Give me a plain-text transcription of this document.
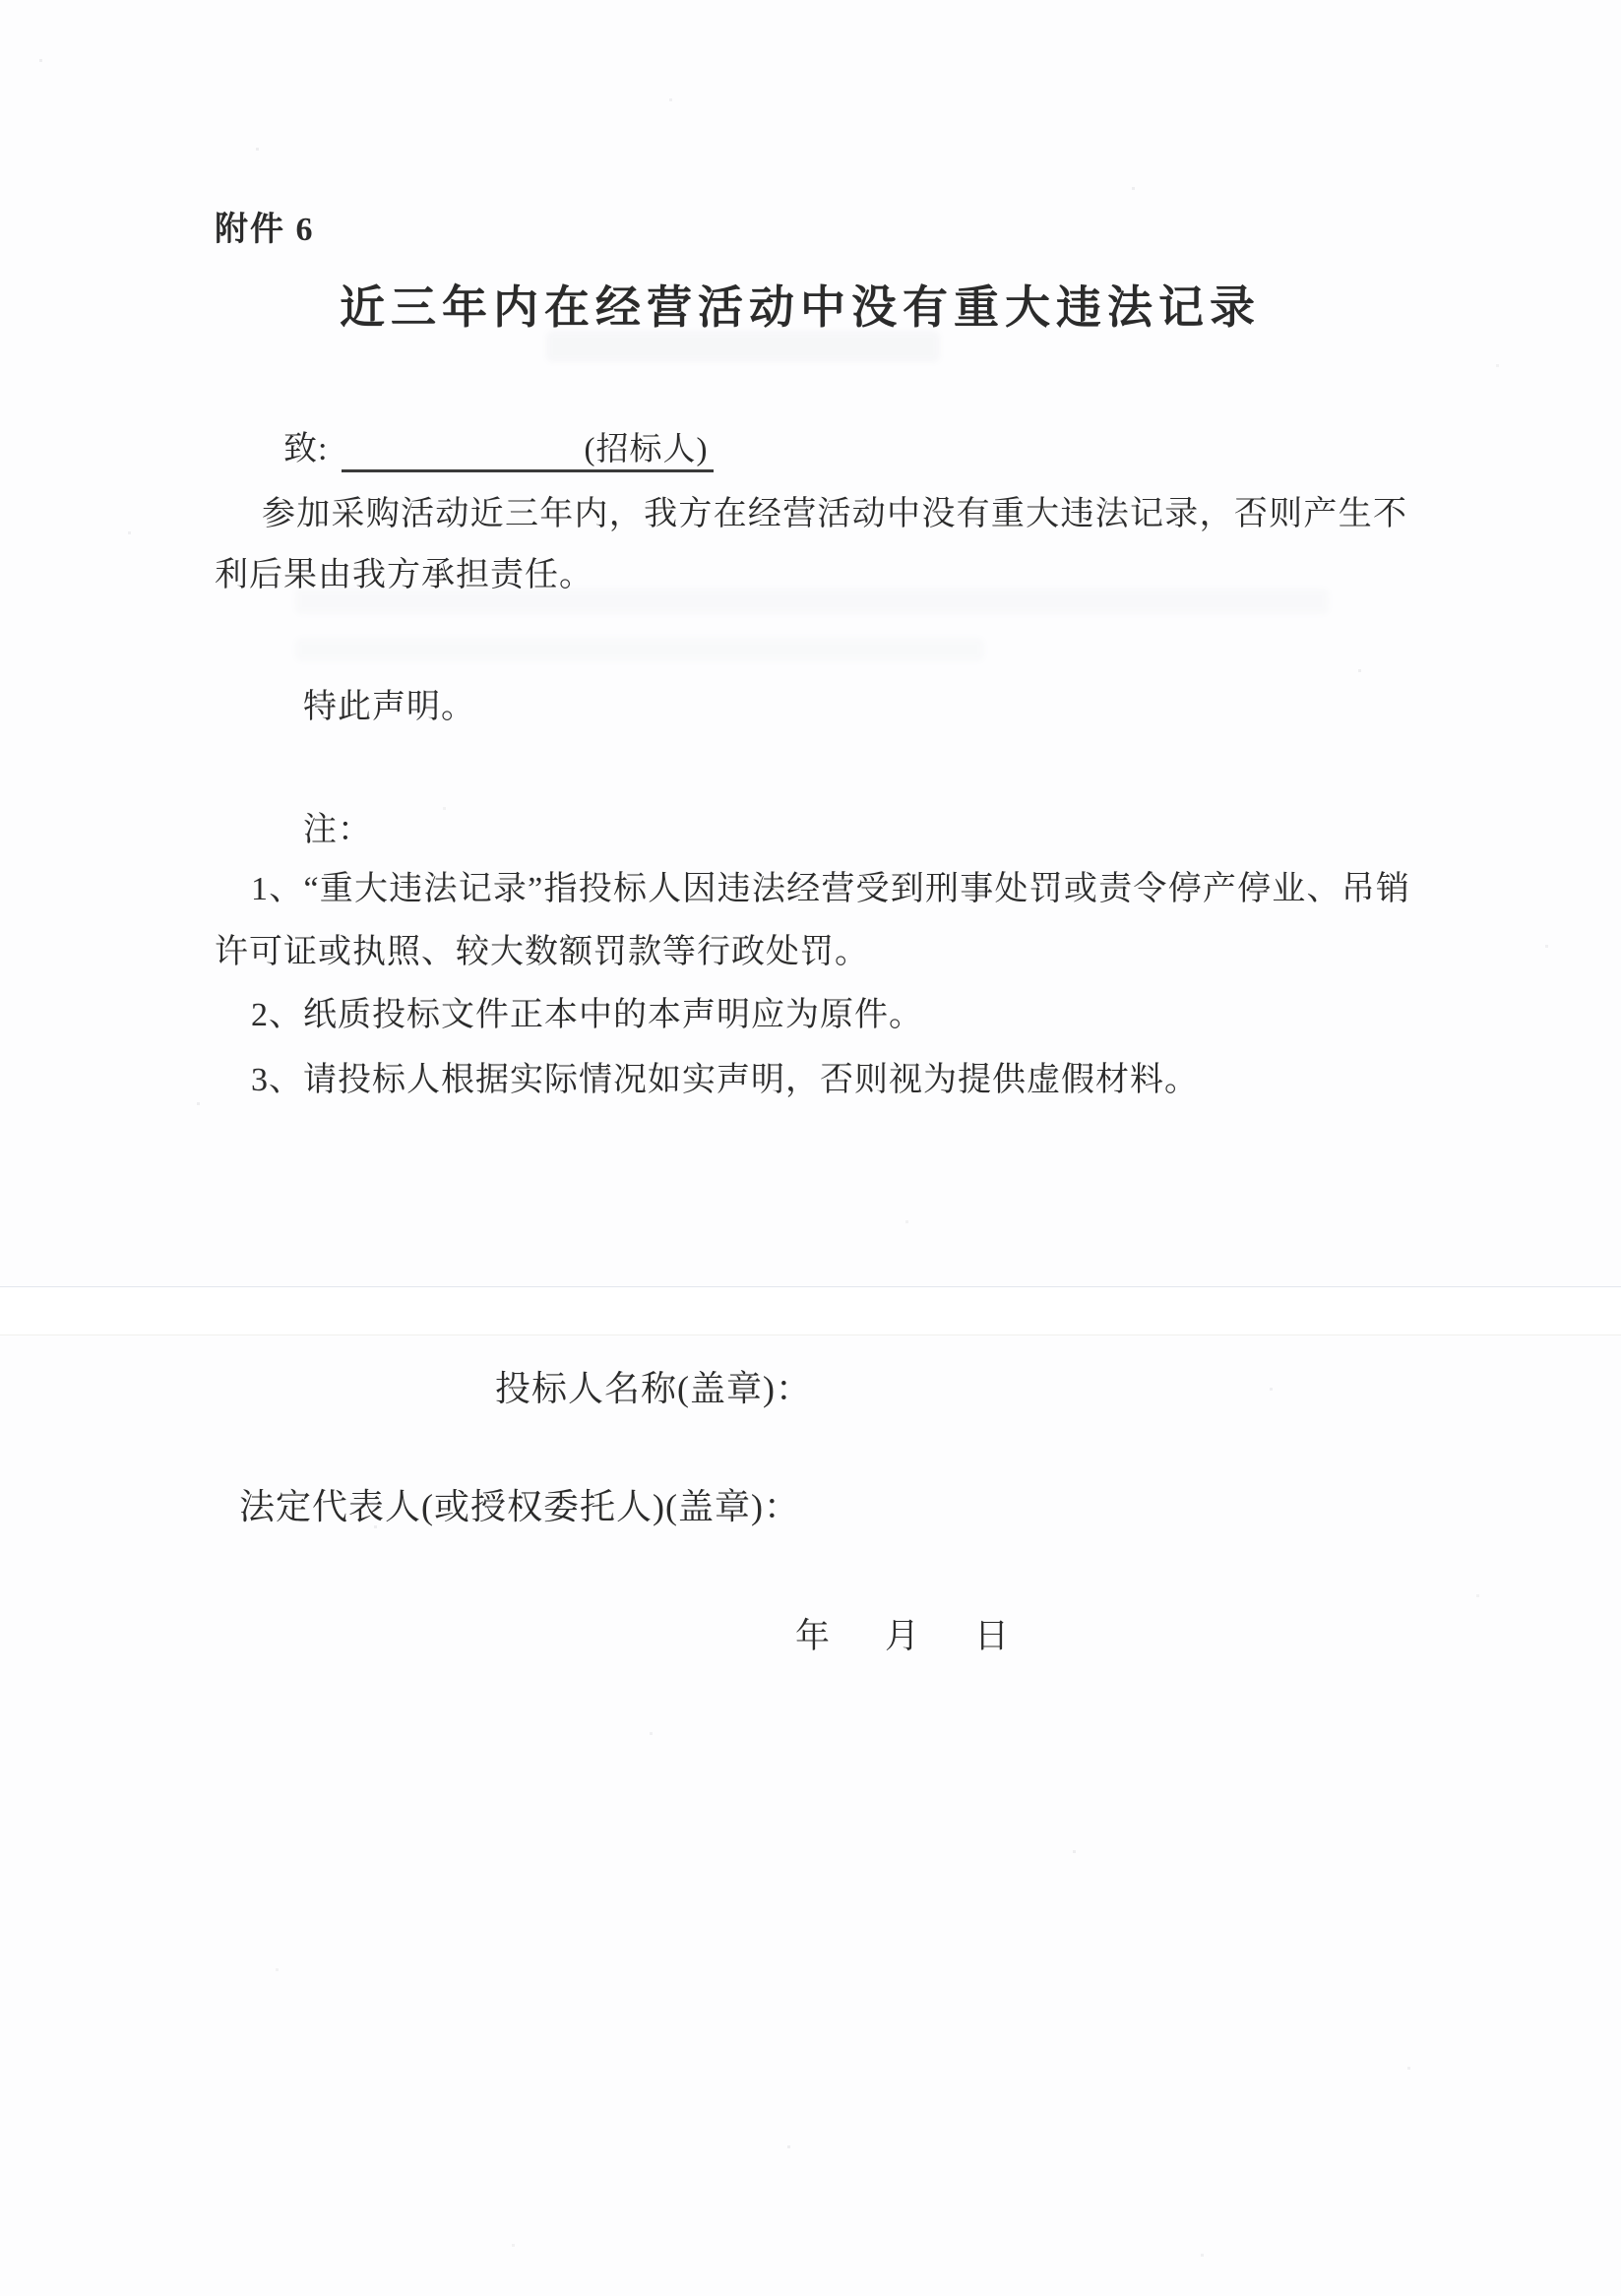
附件 6
近三年内在经营活动中没有重大违法记录
致:	(招标人)
参加采购活动近三年内，我方在经营活动中没有重大违法记录，否则产生不利后果由我方承担责任。
特此声明。
注：
1、“重大违法记录”指投标人因违法经营受到刑事处罚或责令停产停业、吊销许可证或执照、较大数额罚款等行政处罚。
2、纸质投标文件正本中的本声明应为原件。
3、请投标人根据实际情况如实声明，否则视为提供虚假材料。
投标人名称(盖章)：
法定代表人(或授权委托人)(盖章)：
年 月 日
